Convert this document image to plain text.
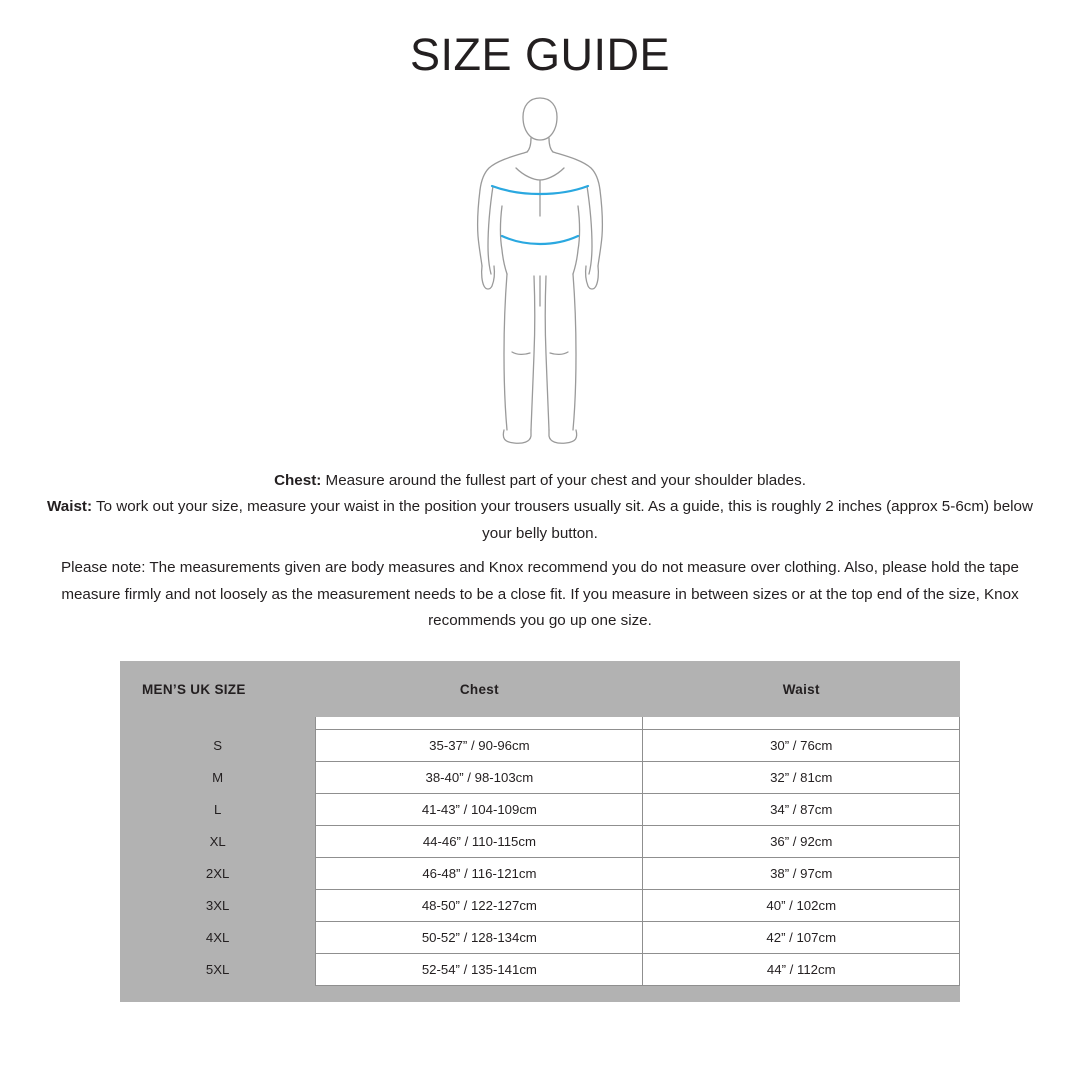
SIZE GUIDE

Chest: Measure around the fullest part of your chest and your shoulder blades.

Waist: To work out your size, measure your waist in the position your trousers usually sit. As a guide, this is roughly 2 inches (approx 5-6cm) below your belly button.

Please note: The measurements given are body measures and Knox recommend you do not measure over clothing. Also, please hold the tape measure firmly and not loosely as the measurement needs to be a close fit. If you measure in between sizes or at the top end of the size, Knox recommends you go up one size.

MEN’S UK SIZE	Chest	Waist

S	35-37” / 90-96cm	30” / 76cm
M	38-40” / 98-103cm	32” / 81cm
L	41-43” / 104-109cm	34” / 87cm
XL	44-46” / 110-115cm	36” / 92cm
2XL	46-48” / 116-121cm	38” / 97cm
3XL	48-50” / 122-127cm	40” / 102cm
4XL	50-52” / 128-134cm	42” / 107cm
5XL	52-54” / 135-141cm	44” / 112cm
